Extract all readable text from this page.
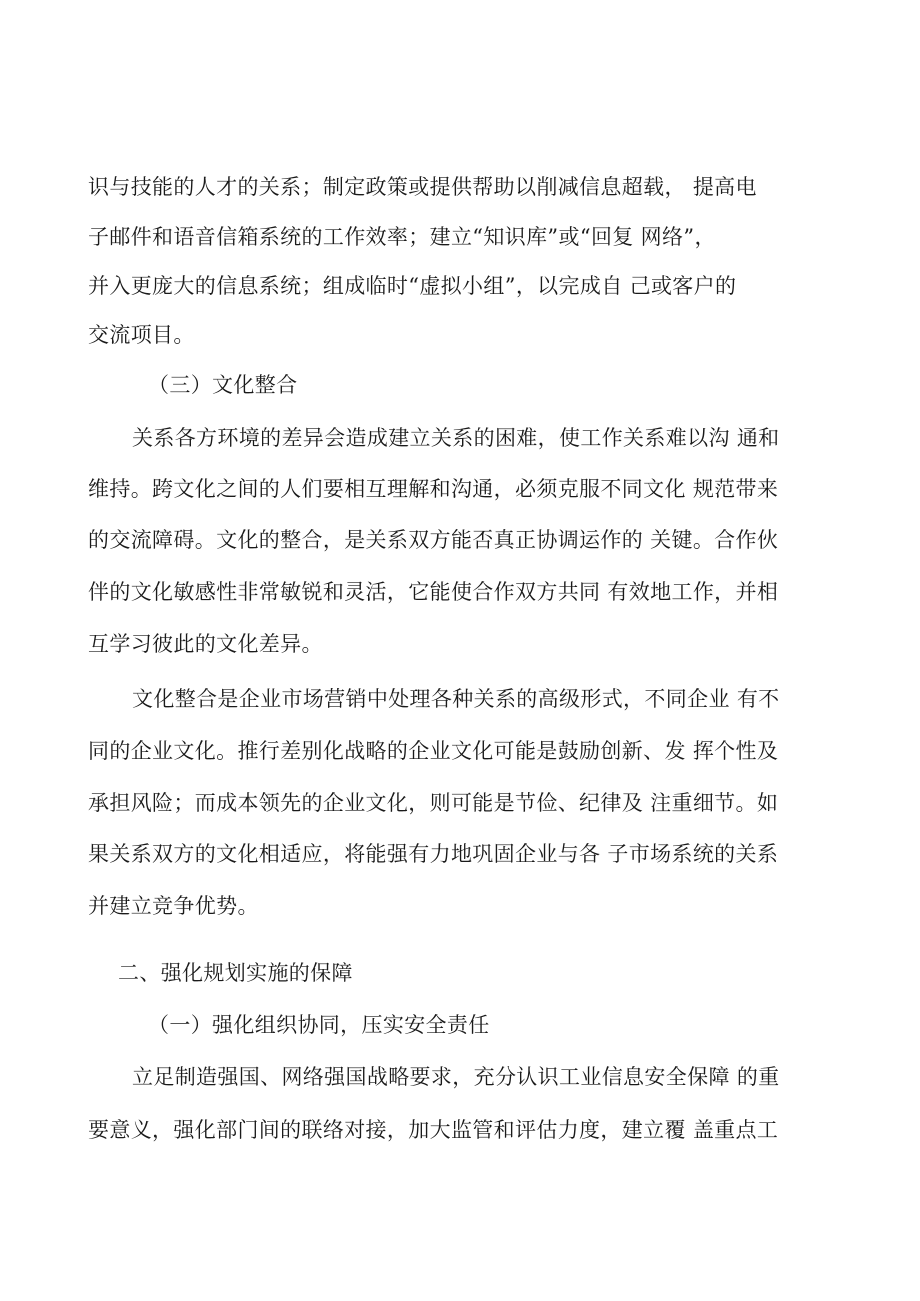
识与技能的人才的关系；制定政策或提供帮助以削减信息超载， 提高电
子邮件和语音信箱系统的工作效率；建立“知识库”或“回复 网络”，
并入更庞大的信息系统；组成临时“虚拟小组”，以完成自 己或客户的
交流项目。
（三）文化整合
关系各方环境的差异会造成建立关系的困难，使工作关系难以沟 通和
维持。跨文化之间的人们要相互理解和沟通，必须克服不同文化 规范带来
的交流障碍。文化的整合，是关系双方能否真正协调运作的 关键。合作伙
伴的文化敏感性非常敏锐和灵活，它能使合作双方共同 有效地工作，并相
互学习彼此的文化差异。
文化整合是企业市场营销中处理各种关系的高级形式，不同企业 有不
同的企业文化。推行差别化战略的企业文化可能是鼓励创新、发 挥个性及
承担风险；而成本领先的企业文化，则可能是节俭、纪律及 注重细节。如
果关系双方的文化相适应，将能强有力地巩固企业与各 子市场系统的关系
并建立竞争优势。
二、强化规划实施的保障
（一）强化组织协同，压实安全责任
立足制造强国、网络强国战略要求，充分认识工业信息安全保障 的重
要意义，强化部门间的联络对接，加大监管和评估力度，建立覆 盖重点工
